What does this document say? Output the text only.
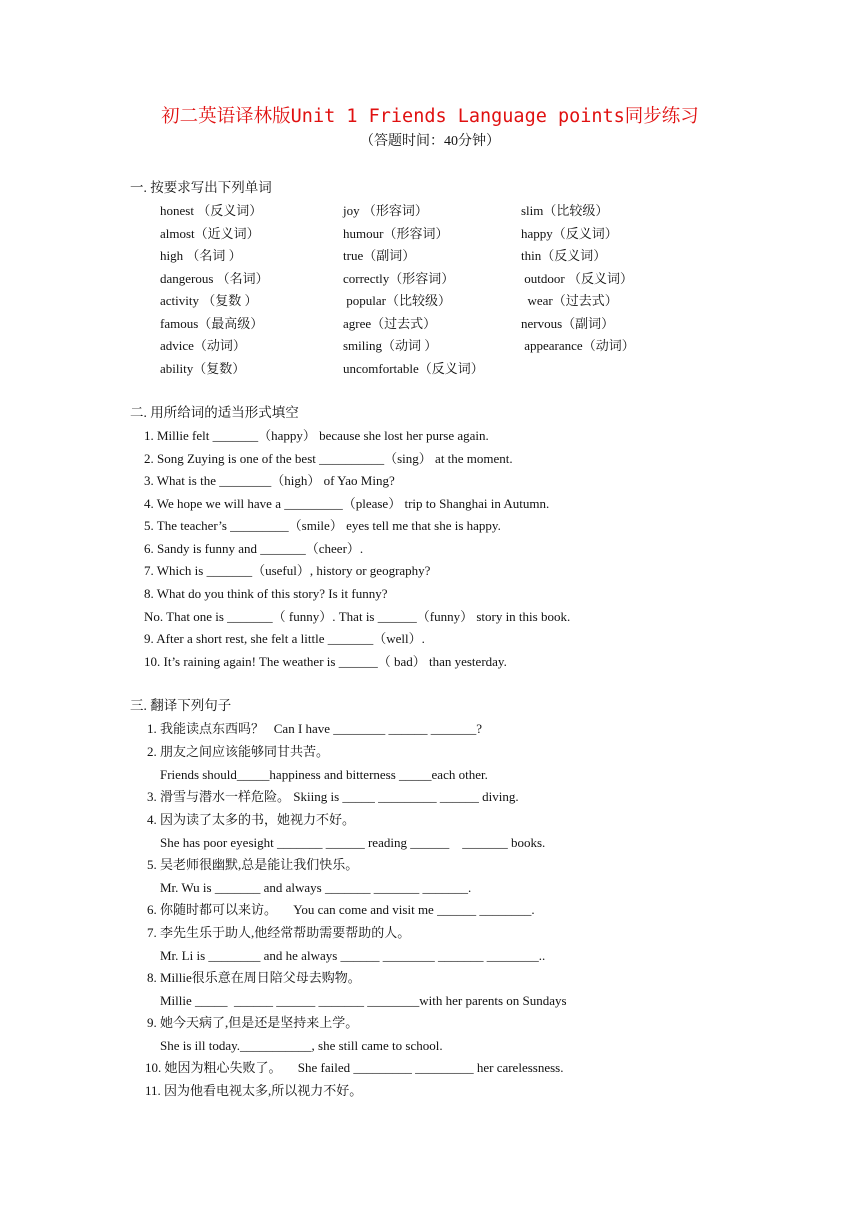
初二英语译林版Unit 1 Friends Language points同步练习
（答题时间：40分钟）
一. 按要求写出下列单词
honest （反义词）	joy （形容词）	slim（比较级）
almost（近义词）	humour（形容词）	happy（反义词）
high （名词 ）	true（副词）	thin（反义词）
dangerous （名词）	correctly（形容词）	outdoor （反义词）
activity （复数 ）	popular（比较级）	wear（过去式）
famous（最高级）	agree（过去式）	nervous（副词）
advice（动词）	smiling（动词 ）	appearance（动词）
ability（复数）	uncomfortable（反义词）
二. 用所给词的适当形式填空
1. Millie felt _______（happy） because she lost her purse again.
2. Song Zuying is one of the best __________（sing） at the moment.
3. What is the ________（high） of Yao Ming?
4. We hope we will have a _________（please） trip to Shanghai in Autumn.
5. The teacher’s _________（smile） eyes tell me that she is happy.
6. Sandy is funny and _______（cheer）.
7. Which is _______（useful）, history or geography?
8. What do you think of this story? Is it funny?
No. That one is _______（ funny）. That is ______（funny） story in this book.
9. After a short rest, she felt a little _______（well）.
10. It’s raining again! The weather is ______（ bad） than yesterday.
三. 翻译下列句子
1. 我能读点东西吗？   Can I have ________ ______ _______?
2. 朋友之间应该能够同甘共苦。
Friends should_____happiness and bitterness _____each other.
3. 滑雪与潜水一样危险。 Skiing is _____ _________ ______ diving.
4. 因为读了太多的书，她视力不好。
She has poor eyesight _______ ______ reading ______    _______ books.
5. 吴老师很幽默,总是能让我们快乐。
Mr. Wu is _______ and always _______ _______ _______.
6. 你随时都可以来访。     You can come and visit me ______ ________.
7. 李先生乐于助人,他经常帮助需要帮助的人。
Mr. Li is ________ and he always ______ ________ _______ ________..
8. Millie很乐意在周日陪父母去购物。
Millie _____  ______ ______ _______ ________with her parents on Sundays
9. 她今天病了,但是还是坚持来上学。
She is ill today.___________, she still came to school.
10. 她因为粗心失败了。     She failed _________ _________ her carelessness.
11. 因为他看电视太多,所以视力不好。
